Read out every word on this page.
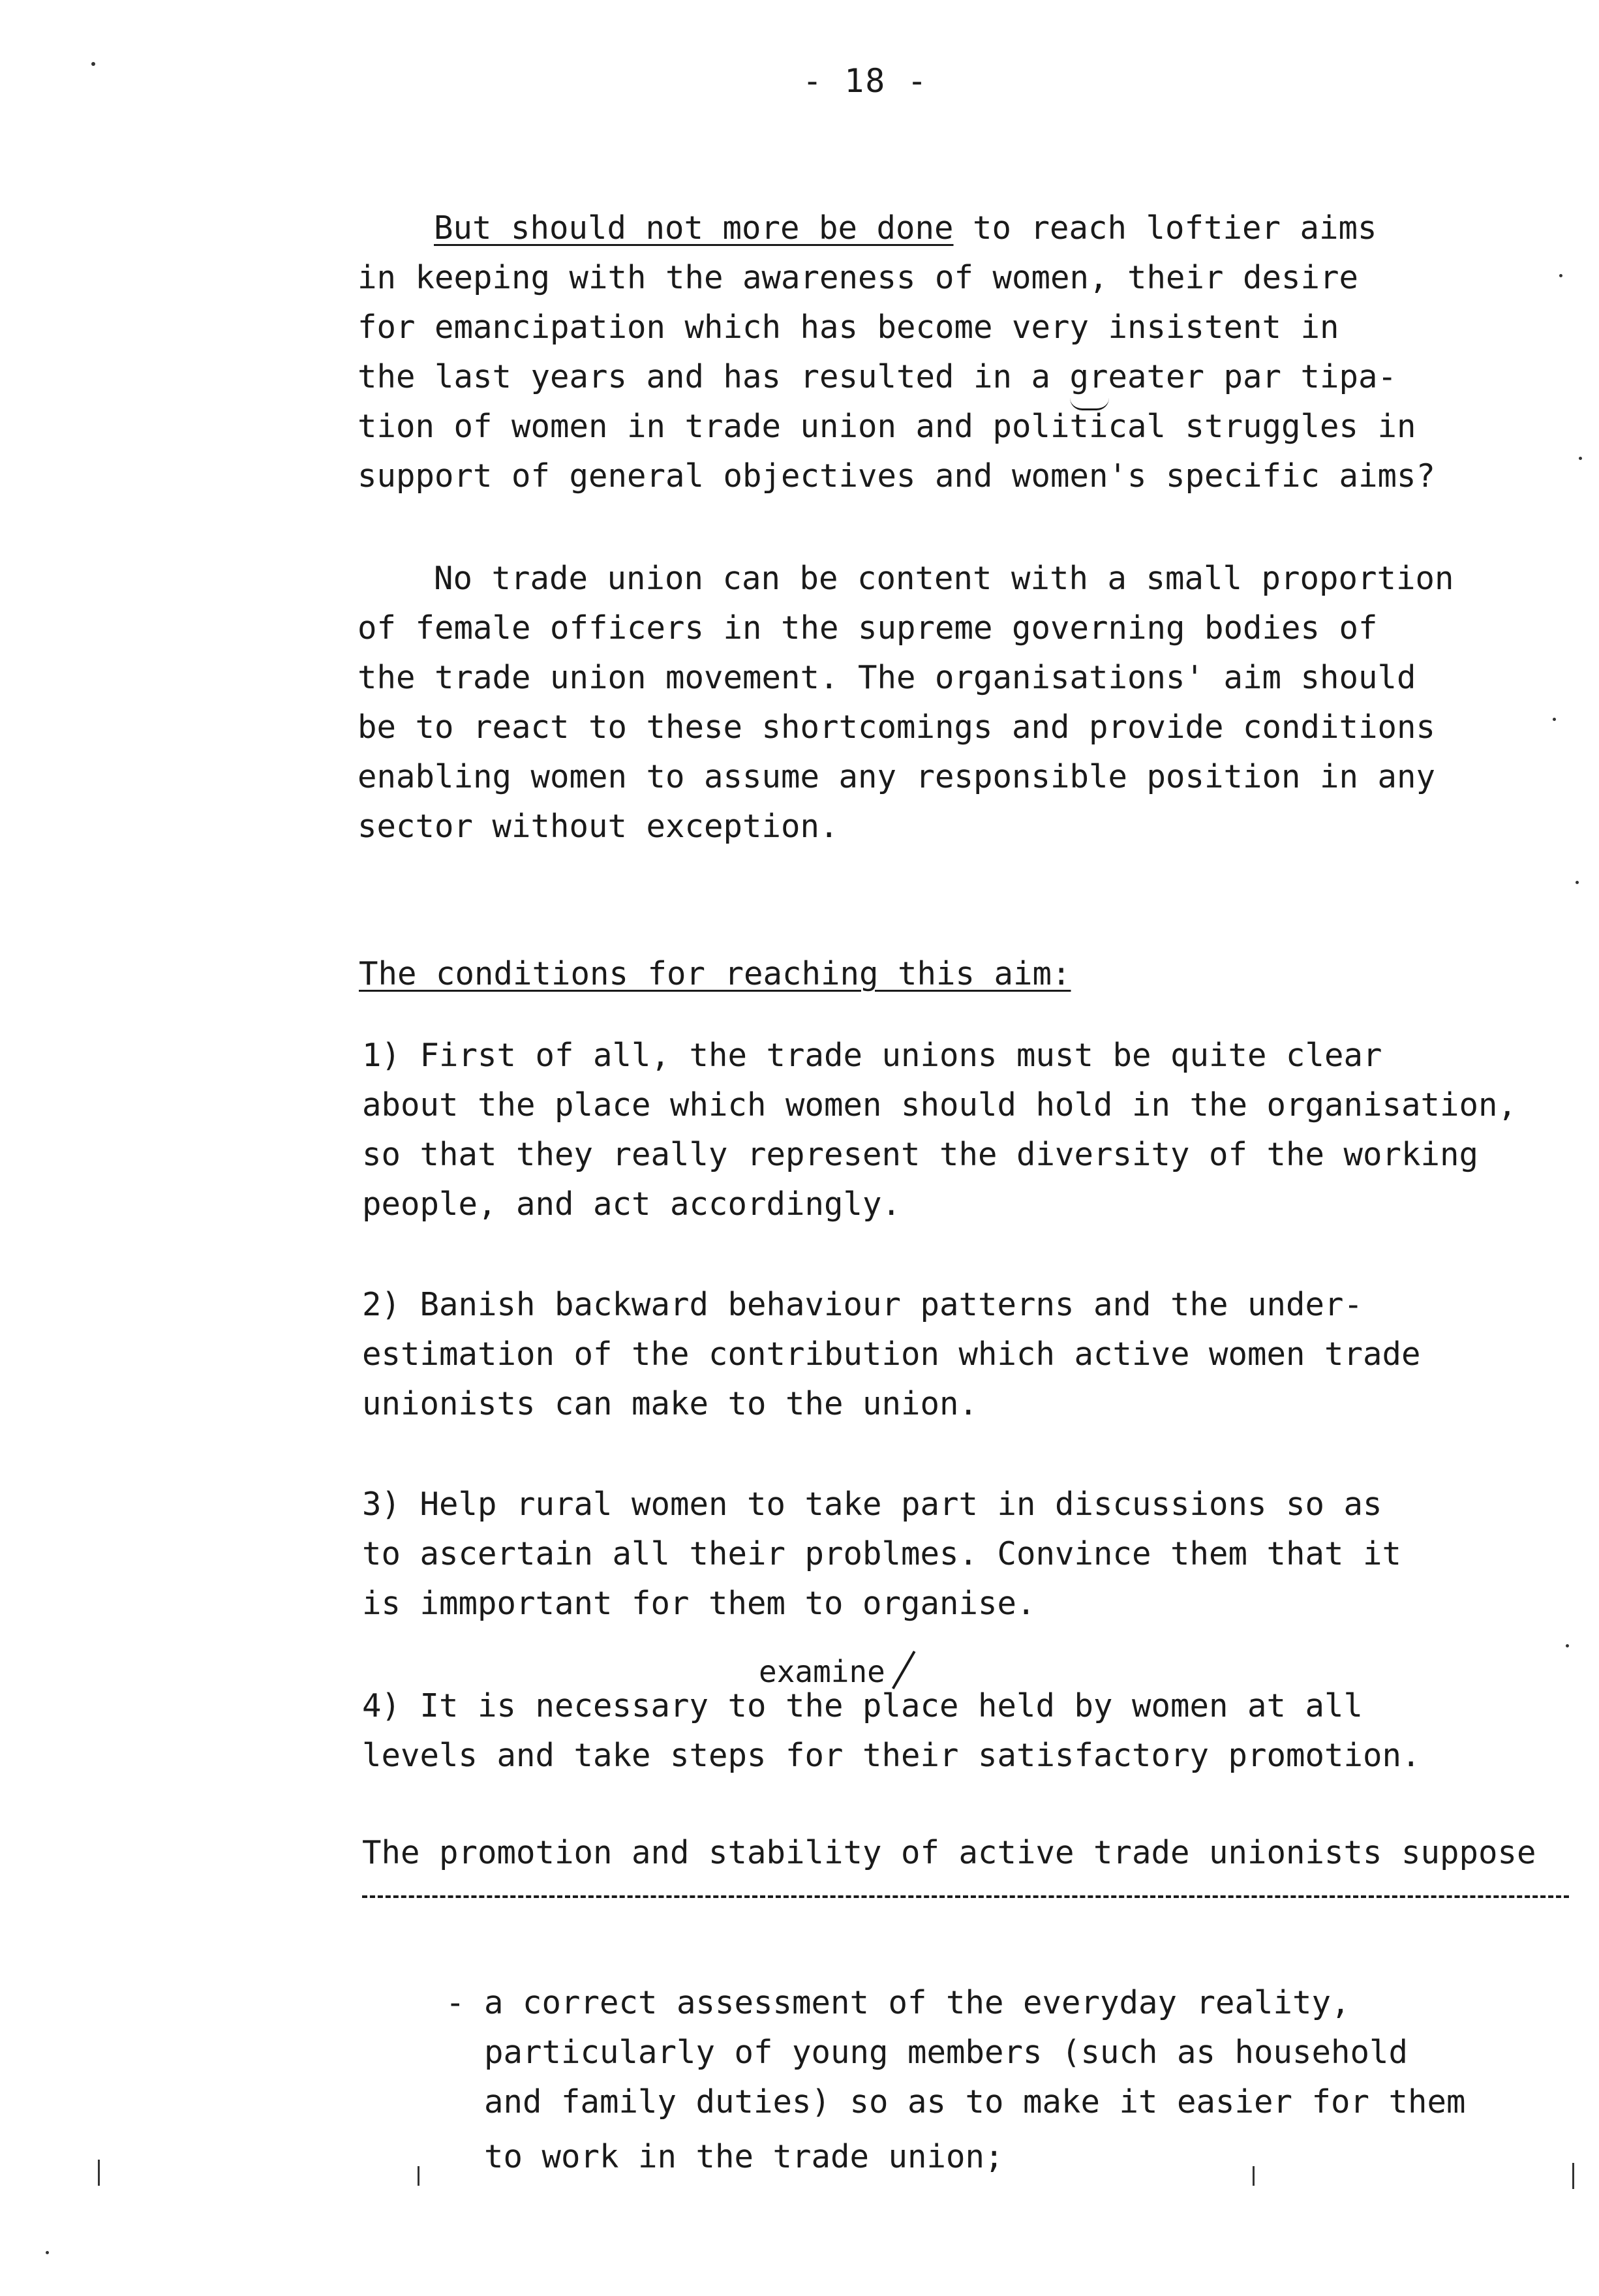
- 18 -
But should not more be done to reach loftier aims
in keeping with the awareness of women, their desire
for emancipation which has become very insistent in
the last years and has resulted in a greater par tipa-
tion of women in trade union and political struggles in
support of general objectives and women's specific aims?
No trade union can be content with a small proportion
of female officers in the supreme governing bodies of
the trade union movement. The organisations' aim should
be to react to these shortcomings and provide conditions
enabling women to assume any responsible position in any
sector without exception.
The conditions for reaching this aim:
1) First of all, the trade unions must be quite clear
about the place which women should hold in the organisation,
so that they really represent the diversity of the working
people, and act accordingly.
2) Banish backward behaviour patterns and the under-
estimation of the contribution which active women trade
unionists can make to the union.
3) Help rural women to take part in discussions so as
to ascertain all their problmes. Convince them that it
is immportant for them to organise.
examine
4) It is necessary to the place held by women at all
levels and take steps for their satisfactory promotion.
The promotion and stability of active trade unionists suppose
- a correct assessment of the everyday reality,
particularly of young members (such as household
and family duties) so as to make it easier for them
to work in the trade union;
